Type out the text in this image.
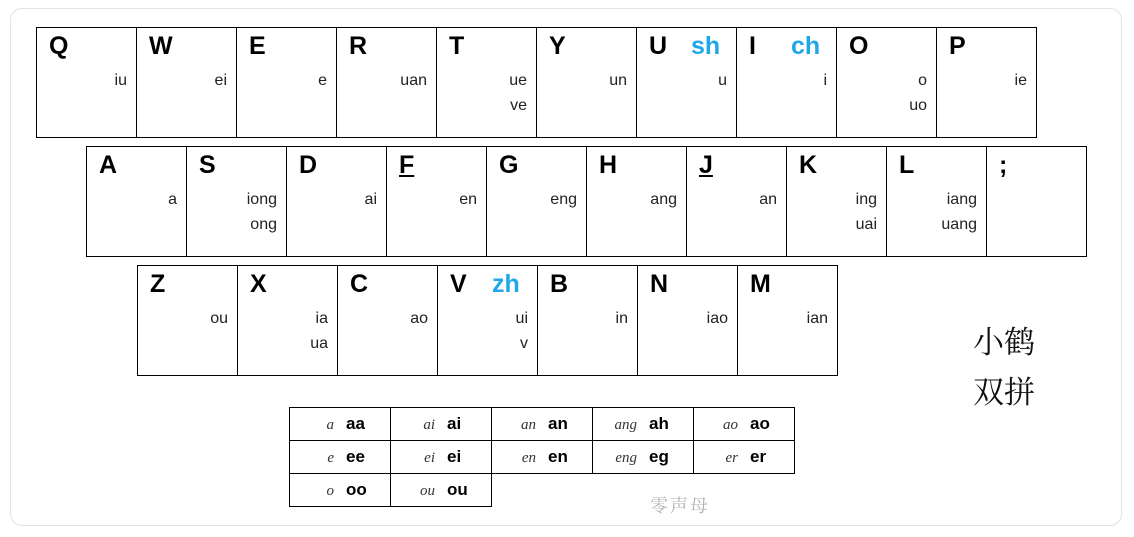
Q
iu
W
ei
E
e
R
uan
T
ue
ve
Y
un
U sh
u
I ch
i
O
o
uo
P
ie
A
a
S
iong
ong
D
ai
F
en
G
eng
H
ang
J
an
K
ing
uai
L
iang
uang
;
Z
ou
X
ia
ua
C
ao
V zh
ui
v
B
in
N
iao
M
ian
a aa	ai ai	an an	ang ah	ao ao

e ee	ei ei	en en	eng eg	er er

o oo	ou ou			

零声母
小鹤
双拼
